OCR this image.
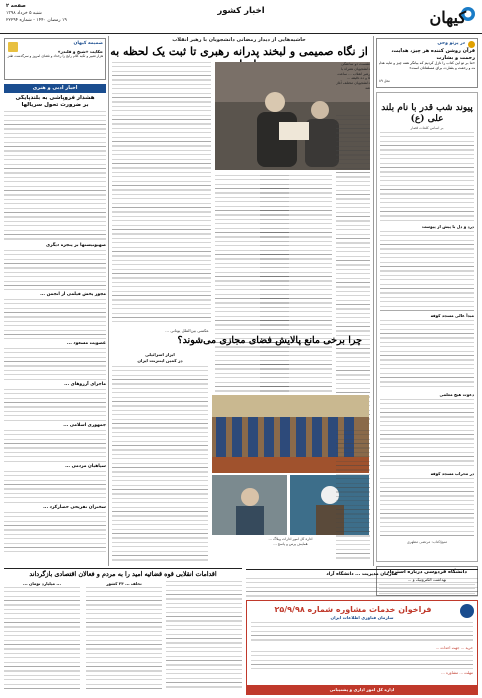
کیهان
اخبار کشور
صفحه ۲
شنبه ۵ خرداد ۱۳۹۸
۱۹ رمضان ۱۴۴۰ - شماره ۲۲۲۹۴
در پرتو وحی
قرآن روشن کننده هر چیز، هدایت، رحمت و بشارت
«ما بر تو این کتاب را نازل کردیم که بیانگر همه چیز و مایه هدایت و رحمت و بشارت برای مسلمانان است»
نحل ۸۹
پیوند شب قدر با نام بلند علی (ع)
بر اساس کلمات قصار
درد و دل با پیش از پیوست
مبدأ عالی مسجد کوفه
دعوت هیچ معلمی
در محراب مسجد کوفه
منبع/کتاب: مرتضی مطهری
دانشگاه فردوسی درباره استرداد
بهداشت الکترونیک و ...
حاشیه‌هایی از دیدار رمضانی دانشجویان با رهبر انقلاب
از نگاه صمیمی و لبخند پدرانه رهبری تا ثبت یک لحظه به
نشست دو ساعتگی دانشجویان همراه با رهبر انقلاب ... ساعت ۵ و ده دقیقه ... دانشجویان مختلف آغاز شد
ضمیمه کیهان
حکایت «شیخ و قلندر»
هزار تعبیر و تکیه کلام رایج را رخداد و فضای امروز و سرگذشت طنز
اخبار ادبی و هنری
هشدار فروپاشی به بلندپایگی
بر ضرورت تحول سریالها
صهیونیستها بر پنجره دیگری
مجوز پخش فیلمی از انجمن ...
عضویت مسعود ...
ماجرای آرزوهای ...
جمهوری اسلامی ...
سپاهیان مردمی ...
سخنران تفریحی حصارکرد ...
عکسی بین‌الملل یونانی ...
چرا برخی مانع پالایش فضای مجازی می‌شوند؟
ابزار اسرائیلی
در کمین اینترنت ایران
اداره کل امور ادارات وبلاگ ...
همایش پرس و پاسخ ...
اقدامات انقلابی قوه قضائیه امید را به مردم و فعالان اقتصادی بازگرداند
تخلف ... ۲۴ کشور
... میلیارد تومان ...
فراخوان خدمات مشاوره شماره ۲۵/۹/۹۸
سازمان فناوری اطلاعات ایران
خرید ... جهت احداث ...
مهلت ... مشاوره ...
اداره کل امور اداری و پشتیبانی
سازمان مدیریت ... دانشگاه آزاد
